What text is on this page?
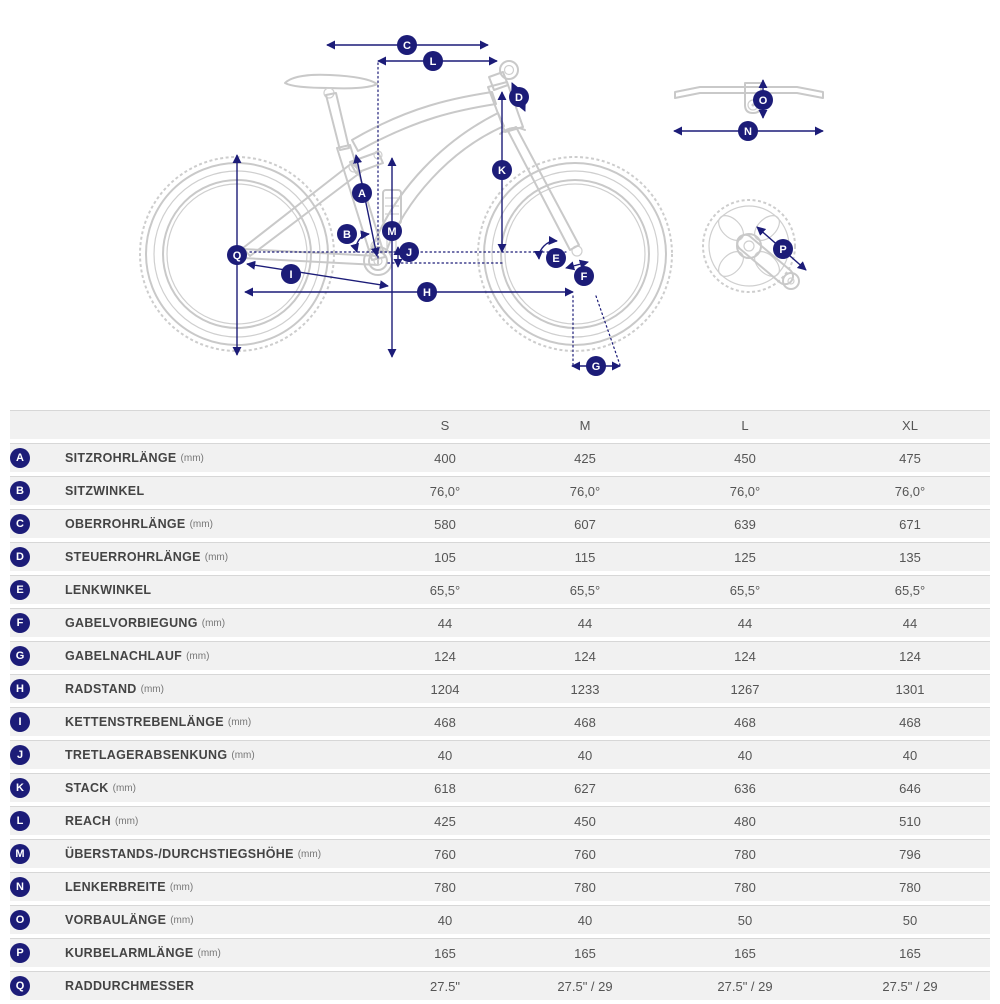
C
L
D
K
A
B	M
J
Q
I
H
E
F
G
O
N
P
	S	M	L	XL
A SITZROHRLÄNGE (mm)	400	425	450	475
B SITZWINKEL	76,0°	76,0°	76,0°	76,0°
C OBERROHRLÄNGE (mm)	580	607	639	671
D STEUERROHRLÄNGE (mm)	105	115	125	135
E LENKWINKEL	65,5°	65,5°	65,5°	65,5°
F GABELVORBIEGUNG (mm)	44	44	44	44
G GABELNACHLAUF (mm)	124	124	124	124
H RADSTAND (mm)	1204	1233	1267	1301
I KETTENSTREBENLÄNGE (mm)	468	468	468	468
J TRETLAGERABSENKUNG (mm)	40	40	40	40
K STACK (mm)	618	627	636	646
L REACH (mm)	425	450	480	510
M ÜBERSTANDS-/DURCHSTIEGSHÖHE (mm)	760	760	780	796
N LENKERBREITE (mm)	780	780	780	780
O VORBAULÄNGE (mm)	40	40	50	50
P KURBELARMLÄNGE (mm)	165	165	165	165
Q RADDURCHMESSER	27.5"	27.5" / 29	27.5" / 29	27.5" / 29
